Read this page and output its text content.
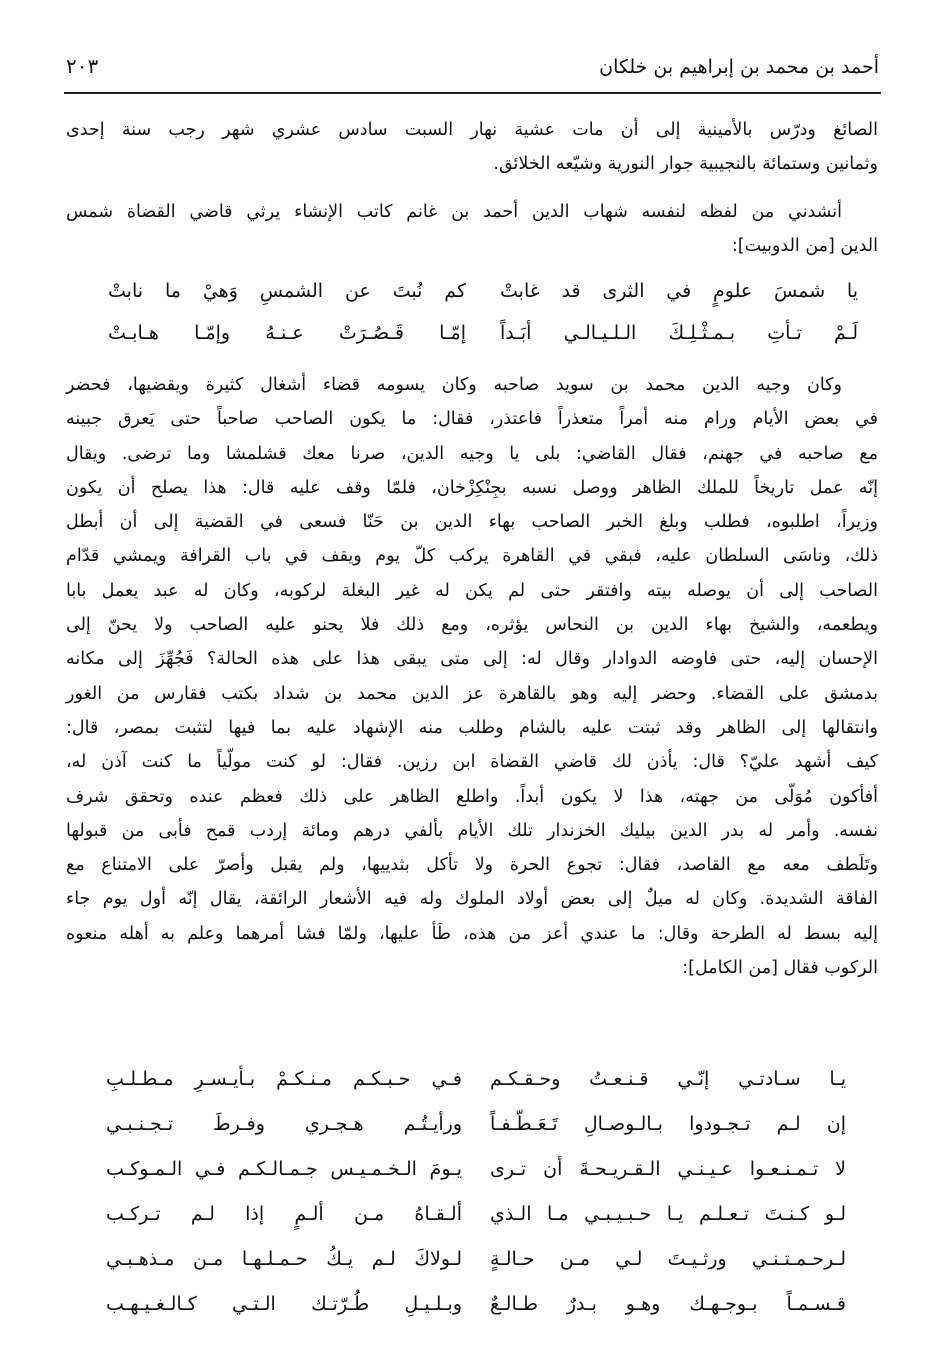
أحمد بن محمد بن إبراهيم بن خلكان
٢٠٣
الصائغ ودرّس بالأمينية إلى أن مات عشية نهار السبت سادس عشري شهر رجب سنة إحدى
وثمانين وستمائة بالنجيبية جوار النورية وشيّعه الخلائق.
أنشدني من لفظه لنفسه شهاب الدين أحمد بن غانم كاتب الإنشاء يرثي قاضي القضاة شمس
الدين [من الدوبيت]:
يا شمسَ علومٍ في الثرى قد غابتْ
كم نُبتَ عن الشمسِ وَهيْ ما نابتْ
لَـمْ تـأتِ بـمـثْـلِـكَ الـلـيـالـي أبَـداً
إمّـا قَـصُـرَتْ عـنـهُ وإمّـا هـابـتْ
وكان وجيه الدين محمد بن سويد صاحبه وكان يسومه قضاء أشغال كثيرة ويقضيها، فحضر
في بعض الأيام ورام منه أمراً متعذراً فاعتذر، فقال: ما يكون الصاحب صاحباً حتى يَعرق جبينه
مع صاحبه في جهنم، فقال القاضي: بلى يا وجيه الدين، صرنا معك قشلمشا وما ترضى. ويقال
إنّه عمل تاريخاً للملك الظاهر ووصل نسبه بجِنْكِزْخان، فلمّا وقف عليه قال: هذا يصلح أن يكون
وزيراً، اطلبوه، فطلب وبلغ الخبر الصاحب بهاء الدين بن حَنّا فسعى في القضية إلى أن أبطل
ذلك، وناسَى السلطان عليه، فبقي في القاهرة يركب كلّ يوم ويقف في باب القرافة ويمشي قدّام
الصاحب إلى أن يوصله بيته وافتقر حتى لم يكن له غير البغلة لركوبه، وكان له عبد يعمل بابا
ويطعمه، والشيخ بهاء الدين بن النحاس يؤثره، ومع ذلك فلا يحنو عليه الصاحب ولا يحنّ إلى
الإحسان إليه، حتى فاوضه الدوادار وقال له: إلى متى يبقى هذا على هذه الحالة؟ فَجُهِّزَ إلى مكانه
بدمشق على القضاء. وحضر إليه وهو بالقاهرة عز الدين محمد بن شداد بكتب فقارس من الغور
وانتقالها إلى الظاهر وقد ثبتت عليه بالشام وطلب منه الإشهاد عليه بما فيها لتثبت بمصر، قال:
كيف أشهد عليّ؟ قال: يأذن لك قاضي القضاة ابن رزين. فقال: لو كنت مولّياً ما كنت آذن له،
أفأكون مُوَلّى من جهته، هذا لا يكون أبداً. واطلع الظاهر على ذلك فعظم عنده وتحقق شرف
نفسه. وأمر له بدر الدين بيليك الخزندار تلك الأيام بألفي درهم ومائة إردب قمح فأبى من قبولها
وتَلَطف معه مع القاصد، فقال: تجوع الحرة ولا تأكل بثدييها، ولم يقبل وأصرّ على الامتناع مع
الفاقة الشديدة. وكان له ميلٌ إلى بعض أولاد الملوك وله فيه الأشعار الرائقة، يقال إنّه أول يوم جاء
إليه بسط له الطرحة وقال: ما عندي أعز من هذه، طَأ عليها، ولمّا فشا أمرهما وعلم به أهله منعوه
الركوب فقال [من الكامل]:
يـا سـادتـي إنّـي قـنـعـتُ وحـقـكـم
فـي حـبـكـم مـنـكـمْ بـأيـسـرِ مـطـلـبِ
إن لـم تـجـودوا بـالـوصـالِ تَـعَـطّـفـاً
ورأيـتُـم هـجـري وفـرطَ تـجـنـبـي
لا تـمـنـعـوا عـيـنـي الـقـريـحـةَ أن تـرى
يـومَ الـخـمـيـس جـمـالـكـم فـي الـمـوكـب
لـو كـنـتَ تـعـلـم يـا حـبـيـبـي مـا الـذي
ألـقـاهُ مـن ألـمٍ إذا لـم تـركـب
لـرحـمـتـنـي ورثـيـتَ لـي مـن حـالـةٍ
لـولاكَ لـم يـكُ حـمـلـهـا مـن مـذهـبـي
قـسـمـاً بـوجـهـك وهـو بـدرٌ طـالـعٌ
وبـلـيـلِ طُـرّتـك الـتـي كـالـغـيـهـب
